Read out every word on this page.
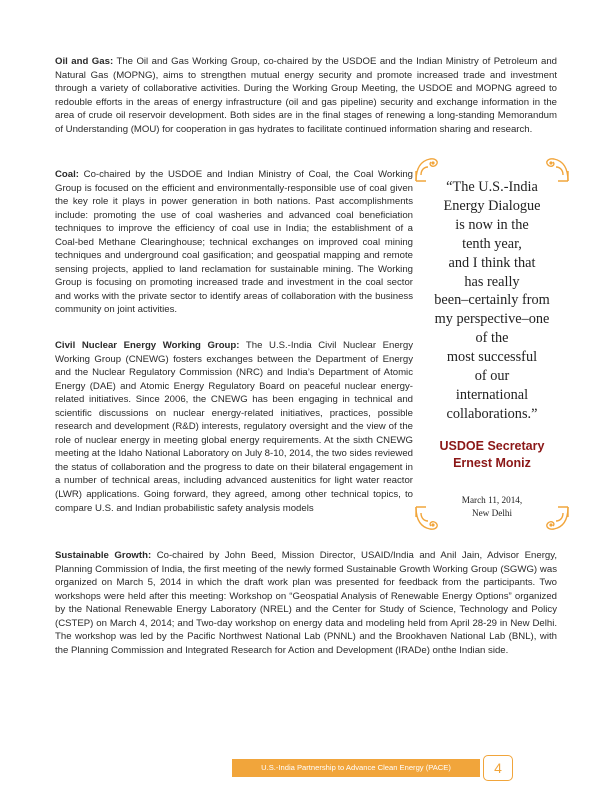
Oil and Gas: The Oil and Gas Working Group, co-chaired by the USDOE and the Indian Ministry of Petroleum and Natural Gas (MOPNG), aims to strengthen mutual energy security and promote increased trade and investment through a variety of collaborative activities. During the Working Group Meeting, the USDOE and MOPNG agreed to redouble efforts in the areas of energy infrastructure (oil and gas pipeline) security and exchange information in the area of crude oil reservoir development. Both sides are in the final stages of renewing a long-standing Memorandum of Understanding (MOU) for cooperation in gas hydrates to facilitate continued information sharing and research.

Coal: Co-chaired by the USDOE and Indian Ministry of Coal, the Coal Working Group is focused on the efficient and environmentally-responsible use of coal given the key role it plays in power generation in both nations. Past accomplishments include: promoting the use of coal washeries and advanced coal beneficiation techniques to improve the efficiency of coal use in India; the establishment of a Coal-bed Methane Clearinghouse; technical exchanges on improved coal mining techniques and underground coal gasification; and geospatial mapping and remote sensing projects, applied to land reclamation for sustainable mining. The Working Group is focusing on promoting increased trade and investment in the coal sector and works with the private sector to identify areas of collaboration with the business community on joint activities.

Civil Nuclear Energy Working Group: The U.S.-India Civil Nuclear Energy Working Group (CNEWG) fosters exchanges between the Department of Energy and the Nuclear Regulatory Commission (NRC) and India’s Department of Atomic Energy (DAE) and Atomic Energy Regulatory Board on peaceful nuclear energy-related initiatives. Since 2006, the CNEWG has been engaging in technical and scientific discussions on nuclear energy-related initiatives, practices, possible research and development (R&D) interests, regulatory oversight and the view of the role of nuclear energy in meeting global energy requirements. At the sixth CNEWG meeting at the Idaho National Laboratory on July 8-10, 2014, the two sides reviewed the status of collaboration and the progress to date on their bilateral engagement in a number of technical areas, including advanced austenitics for light water reactor (LWR) applications. Going forward, they agreed, among other technical topics, to compare U.S. and Indian probabilistic safety analysis models

“The U.S.-India
Energy Dialogue
is now in the
tenth year,
and I think that
has really
been–certainly from
my perspective–one
of the
most successful
of our
international
collaborations.”

USDOE Secretary
Ernest Moniz
March 11, 2014,
New Delhi

Sustainable Growth: Co-chaired by John Beed, Mission Director, USAID/India and Anil Jain, Advisor Energy, Planning Commission of India, the first meeting of the newly formed Sustainable Growth Working Group (SGWG) was organized on March 5, 2014 in which the draft work plan was presented for feedback from the participants. Two workshops were held after this meeting: Workshop on “Geospatial Analysis of Renewable Energy Options” organized by the National Renewable Energy Laboratory (NREL) and the Center for Study of Science, Technology and Policy (CSTEP) on March 4, 2014; and Two-day workshop on energy data and modeling held from April 28-29 in New Delhi. The workshop was led by the Pacific Northwest National Lab (PNNL) and the Brookhaven National Lab (BNL), with the Planning Commission and Integrated Research for Action and Development (IRADe) onthe Indian side.

U.S.-India Partnership to Advance Clean Energy (PACE)	4
